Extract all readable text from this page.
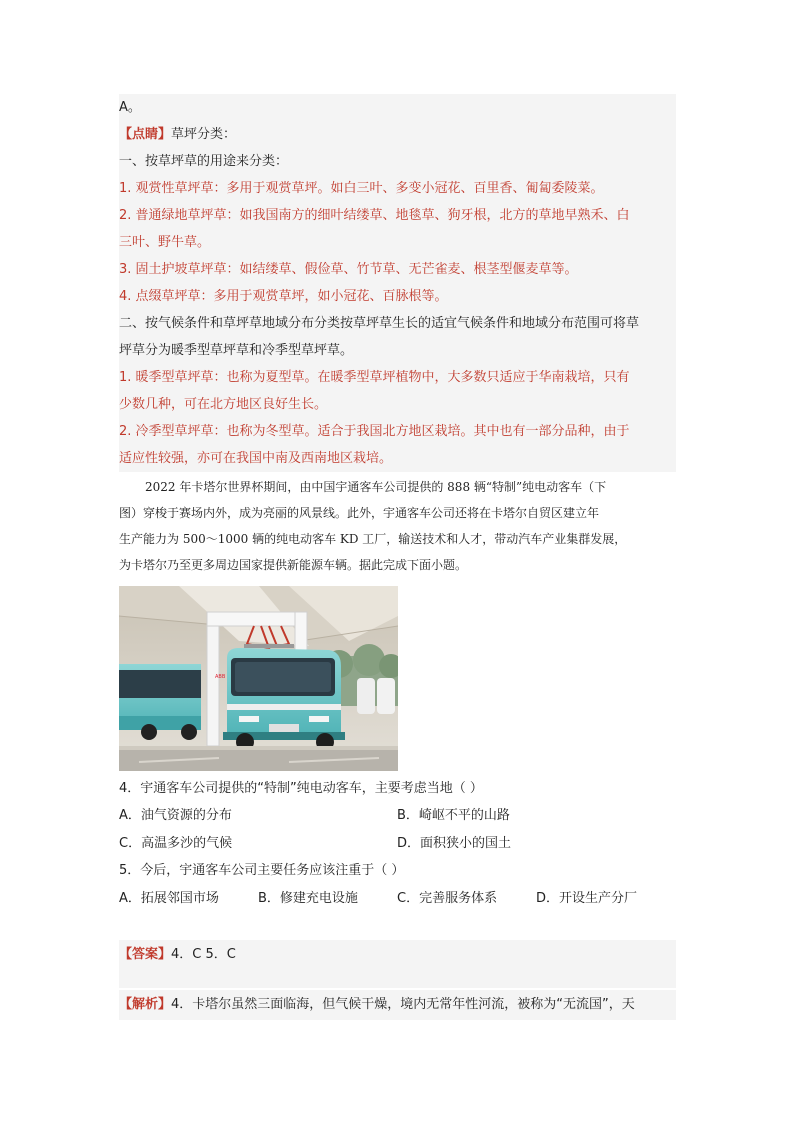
A。
【点睛】草坪分类：
一、按草坪草的用途来分类：
1. 观赏性草坪草：多用于观赏草坪。如白三叶、多变小冠花、百里香、匍匐委陵菜。
2. 普通绿地草坪草：如我国南方的细叶结缕草、地毯草、狗牙根，北方的草地早熟禾、白
三叶、野牛草。
3. 固土护坡草坪草：如结缕草、假俭草、竹节草、无芒雀麦、根茎型偃麦草等。
4. 点缀草坪草：多用于观赏草坪，如小冠花、百脉根等。
二、按气候条件和草坪草地域分布分类按草坪草生长的适宜气候条件和地域分布范围可将草
坪草分为暖季型草坪草和冷季型草坪草。
1. 暖季型草坪草：也称为夏型草。在暖季型草坪植物中，大多数只适应于华南栽培，只有
少数几种，可在北方地区良好生长。
2. 冷季型草坪草：也称为冬型草。适合于我国北方地区栽培。其中也有一部分品种，由于
适应性较强，亦可在我国中南及西南地区栽培。
2022 年卡塔尔世界杯期间，由中国宇通客车公司提供的 888 辆“特制”纯电动客车（下
图）穿梭于赛场内外，成为亮丽的风景线。此外，宇通客车公司还将在卡塔尔自贸区建立年
生产能力为 500～1000 辆的纯电动客车 KD 工厂，输送技术和人才，带动汽车产业集群发展，
为卡塔尔乃至更多周边国家提供新能源车辆。据此完成下面小题。
ABB
4．宇通客车公司提供的“特制”纯电动客车，主要考虑当地（ ）
A．油气资源的分布	B．崎岖不平的山路
C．高温多沙的气候	D．面积狭小的国土
5．今后，宇通客车公司主要任务应该注重于（ ）
A．拓展邻国市场	B．修建充电设施	C．完善服务体系	D．开设生产分厂
【答案】4．C 5．C
【解析】4．卡塔尔虽然三面临海，但气候干燥，境内无常年性河流，被称为“无流国”，天
